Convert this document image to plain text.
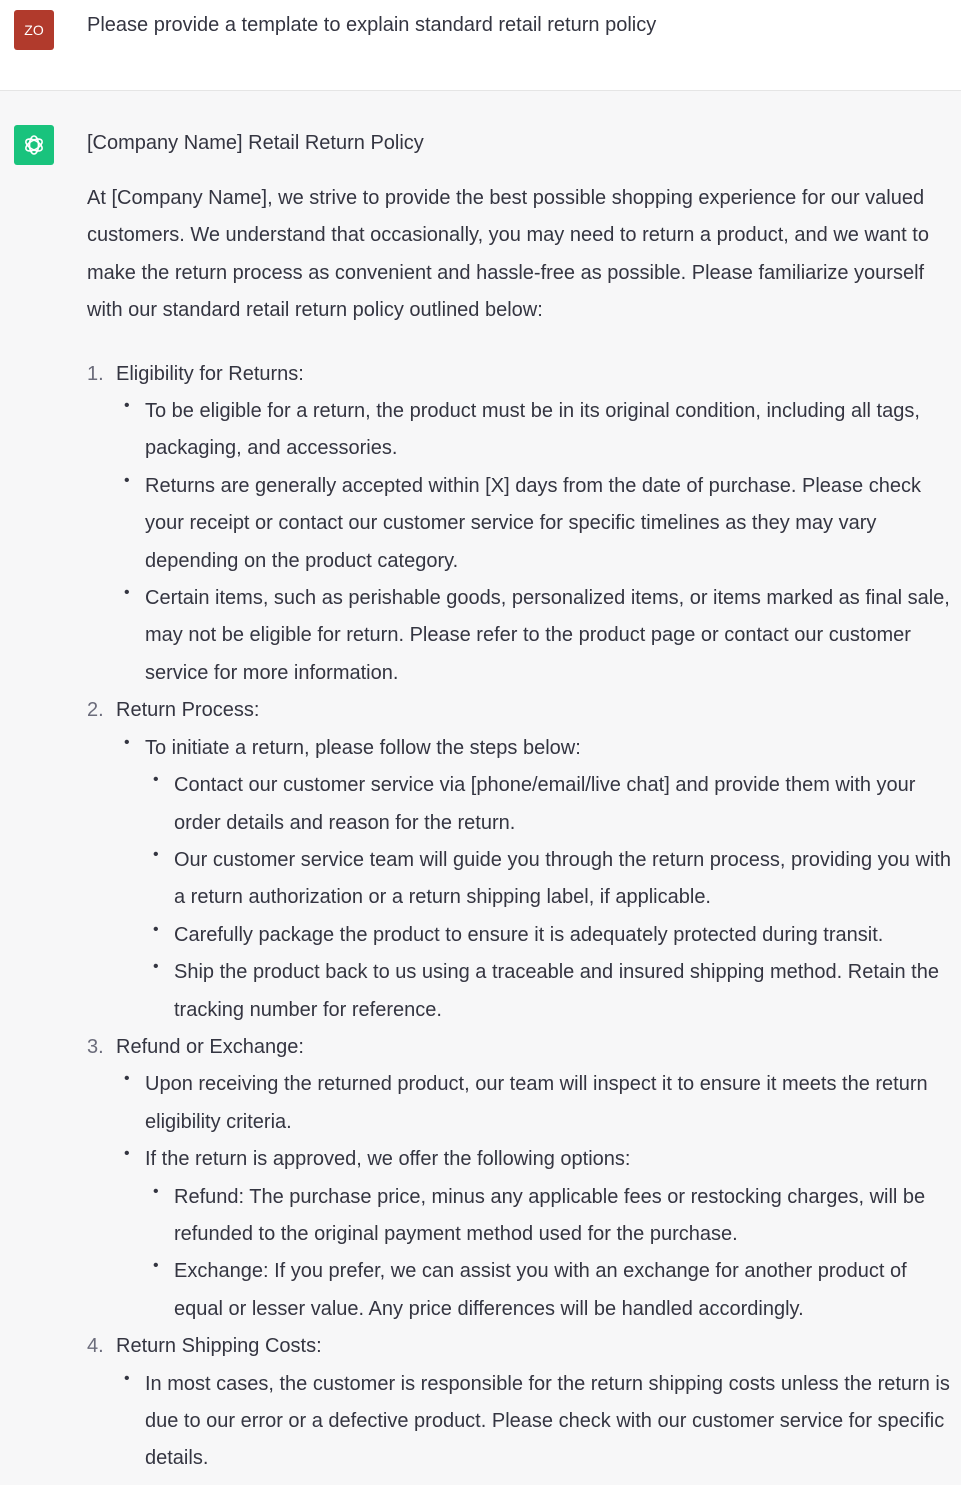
ZO	Please provide a template to explain standard retail return policy
[Company Name] Retail Return Policy
At [Company Name], we strive to provide the best possible shopping experience for our valued customers. We understand that occasionally, you may need to return a product, and we want to make the return process as convenient and hassle-free as possible. Please familiarize yourself with our standard retail return policy outlined below:
1. Eligibility for Returns:
• To be eligible for a return, the product must be in its original condition, including all tags, packaging, and accessories.
• Returns are generally accepted within [X] days from the date of purchase. Please check your receipt or contact our customer service for specific timelines as they may vary depending on the product category.
• Certain items, such as perishable goods, personalized items, or items marked as final sale, may not be eligible for return. Please refer to the product page or contact our customer service for more information.
2. Return Process:
• To initiate a return, please follow the steps below:
• Contact our customer service via [phone/email/live chat] and provide them with your order details and reason for the return.
• Our customer service team will guide you through the return process, providing you with a return authorization or a return shipping label, if applicable.
• Carefully package the product to ensure it is adequately protected during transit.
• Ship the product back to us using a traceable and insured shipping method. Retain the tracking number for reference.
3. Refund or Exchange:
• Upon receiving the returned product, our team will inspect it to ensure it meets the return eligibility criteria.
• If the return is approved, we offer the following options:
• Refund: The purchase price, minus any applicable fees or restocking charges, will be refunded to the original payment method used for the purchase.
• Exchange: If you prefer, we can assist you with an exchange for another product of equal or lesser value. Any price differences will be handled accordingly.
4. Return Shipping Costs:
• In most cases, the customer is responsible for the return shipping costs unless the return is due to our error or a defective product. Please check with our customer service for specific details.
